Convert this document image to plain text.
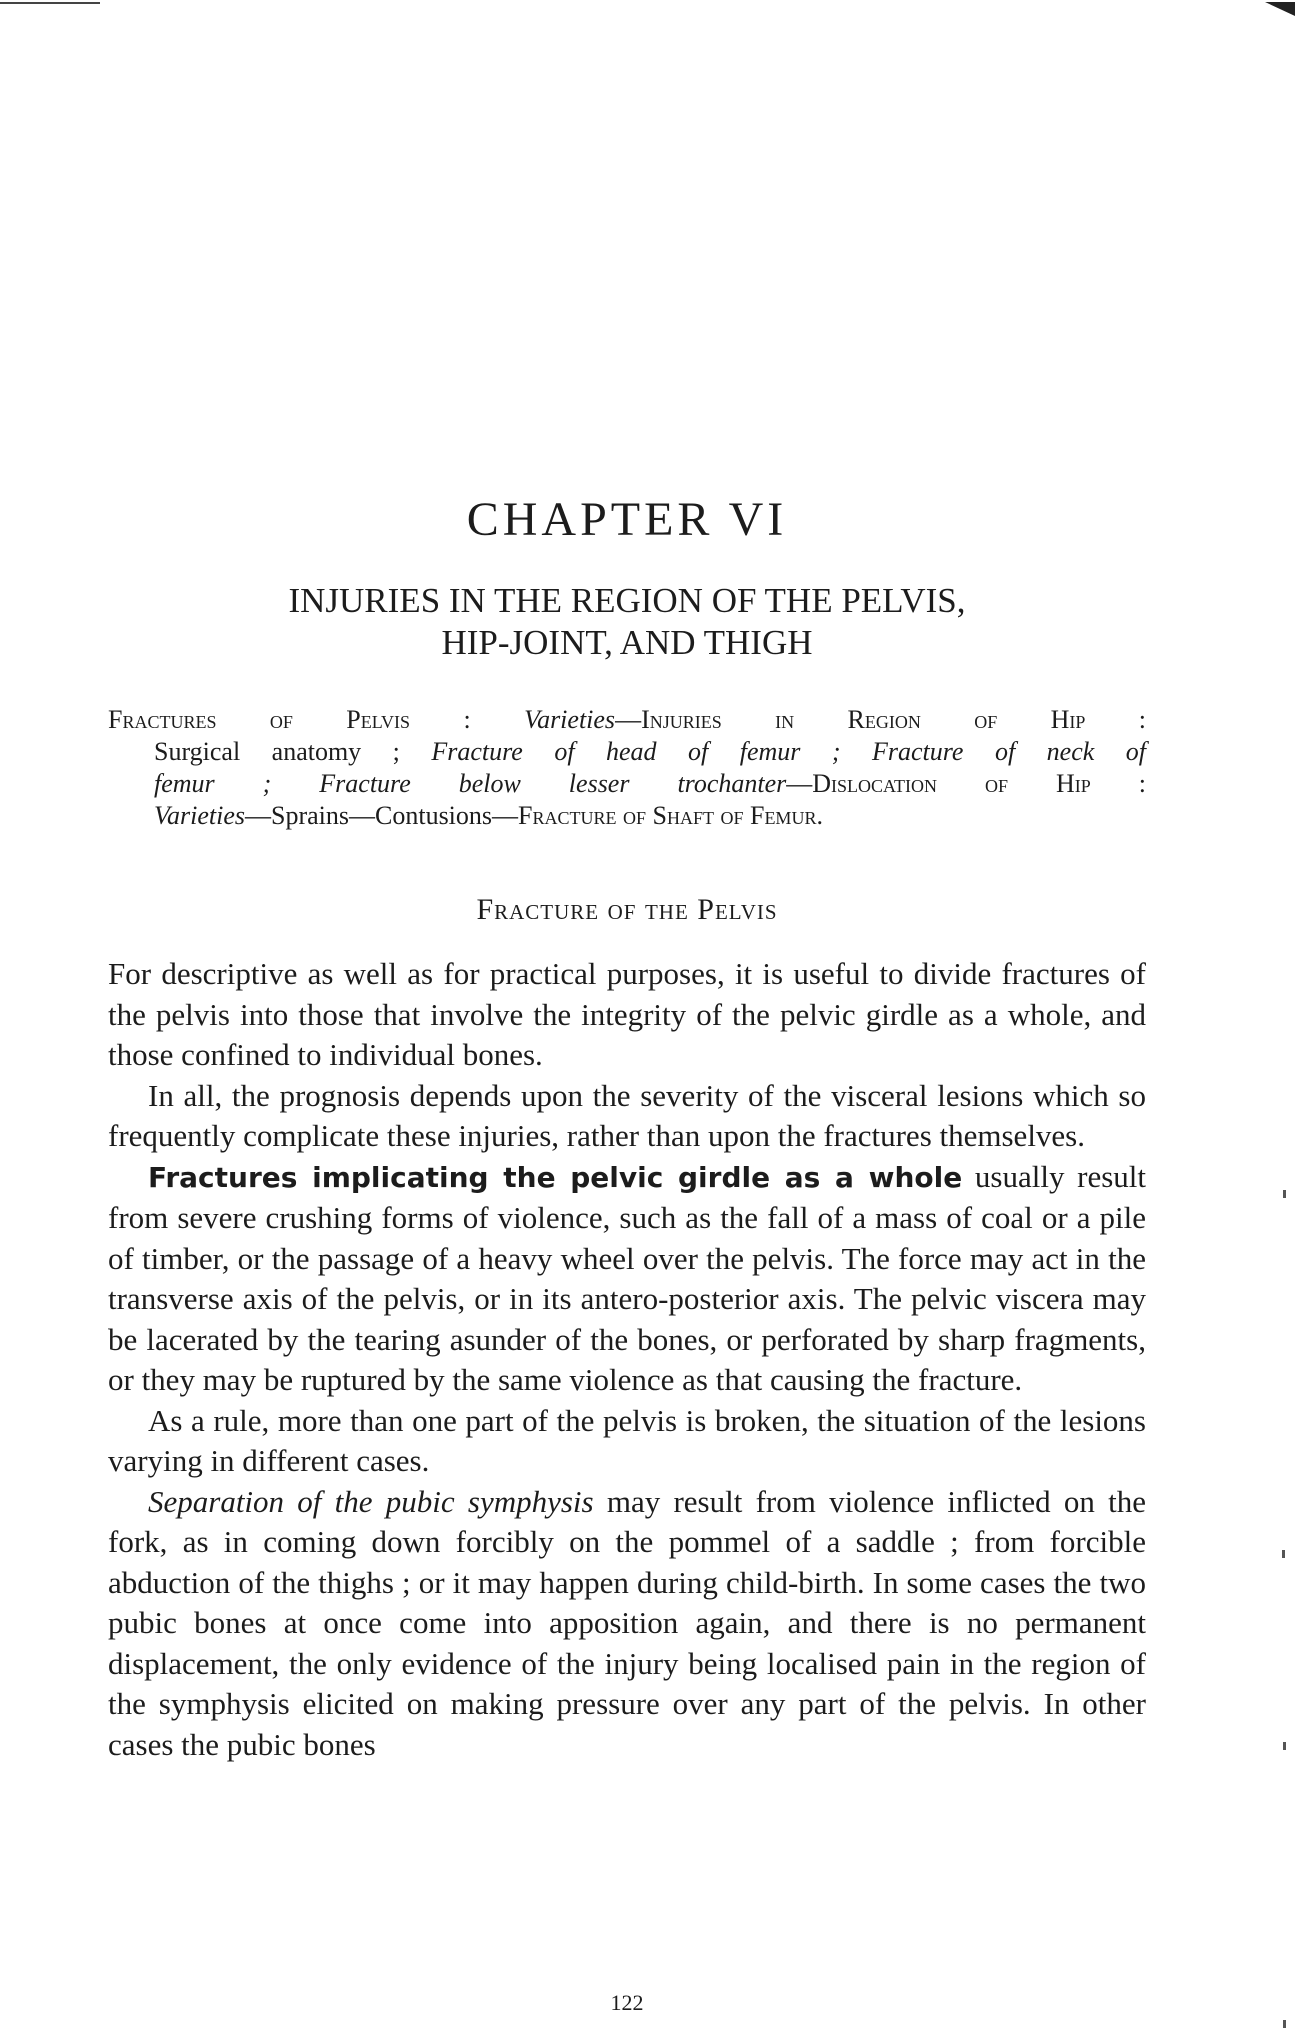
CHAPTER VI
INJURIES IN THE REGION OF THE PELVIS,
HIP-JOINT, AND THIGH
Fractures of Pelvis : Varieties—Injuries in Region of Hip :
Surgical anatomy ; Fracture of head of femur ; Fracture of neck of
femur ; Fracture below lesser trochanter—Dislocation of Hip :
Varieties—Sprains—Contusions—Fracture of Shaft of Femur.
Fracture of the Pelvis

For descriptive as well as for practical purposes, it is useful to divide fractures of the pelvis into those that involve the integrity of the pelvic girdle as a whole, and those confined to individual bones.

In all, the prognosis depends upon the severity of the visceral lesions which so frequently complicate these injuries, rather than upon the fractures themselves.

Fractures implicating the pelvic girdle as a whole usually result from severe crushing forms of violence, such as the fall of a mass of coal or a pile of timber, or the passage of a heavy wheel over the pelvis. The force may act in the transverse axis of the pelvis, or in its antero-posterior axis. The pelvic viscera may be lacerated by the tearing asunder of the bones, or perforated by sharp fragments, or they may be ruptured by the same violence as that causing the fracture.

As a rule, more than one part of the pelvis is broken, the situation of the lesions varying in different cases.

Separation of the pubic symphysis may result from violence inflicted on the fork, as in coming down forcibly on the pommel of a saddle ; from forcible abduction of the thighs ; or it may happen during child-birth. In some cases the two pubic bones at once come into apposition again, and there is no permanent displacement, the only evidence of the injury being localised pain in the region of the symphysis elicited on making pressure over any part of the pelvis. In other cases the pubic bones

122
